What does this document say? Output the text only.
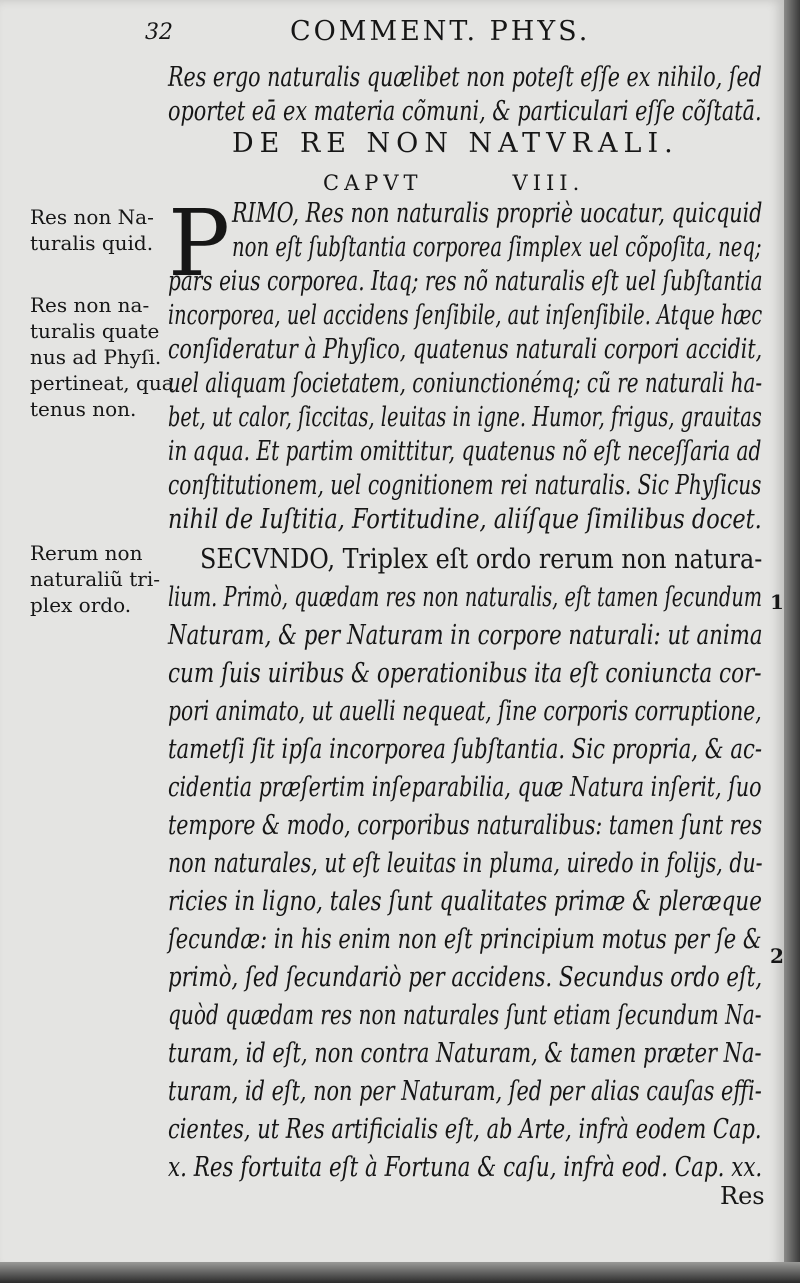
32	COMMENT. PHYS.
Res ergo naturalis quælibet non poteſt eſſe ex nihilo, ſed
oportet eā ex materia cõmuni, & particulari eſſe cõſtatā.
DE RE NON NATVRALI.
CAPVT	VIII.
P RIMO, Res non naturalis propriè uocatur, quicquid
non eſt ſubſtantia corporea ſimplex uel cõpoſita, neq;
pars eius corporea. Itaq; res nõ naturalis eſt uel ſubſtantia
incorporea, uel accidens ſenſibile, aut inſenſibile. Atque hæc
conſideratur à Phyſico, quatenus naturali corpori accidit,
uel aliquam ſocietatem, coniunctionémq; cũ re naturali ha-
bet, ut calor, ſiccitas, leuitas in igne. Humor, frigus, grauitas
in aqua. Et partim omittitur, quatenus nõ eſt neceſſaria ad
conſtitutionem, uel cognitionem rei naturalis. Sic Phyſicus
nihil de Iuſtitia, Fortitudine, aliíſque ſimilibus docet.
SECVNDO, Triplex eſt ordo rerum non natura-
lium. Primò, quædam res non naturalis, eſt tamen ſecundum
Naturam, & per Naturam in corpore naturali: ut anima
cum ſuis uiribus & operationibus ita eſt coniuncta cor-
pori animato, ut auelli nequeat, ſine corporis corruptione,
tametſi ſit ipſa incorporea ſubſtantia. Sic propria, & ac-
cidentia præſertim inſeparabilia, quæ Natura inſerit, ſuo
tempore & modo, corporibus naturalibus: tamen ſunt res
non naturales, ut eſt leuitas in pluma, uiredo in folijs, du-
ricies in ligno, tales ſunt qualitates primæ & pleræque
ſecundæ: in his enim non eſt principium motus per ſe &
primò, ſed ſecundariò per accidens. Secundus ordo eſt,
quòd quædam res non naturales ſunt etiam ſecundum Na-
turam, id eſt, non contra Naturam, & tamen præter Na-
turam, id eſt, non per Naturam, ſed per alias cauſas effi-
cientes, ut Res artificialis eſt, ab Arte, infrà eodem Cap.
x. Res fortuita eſt à Fortuna & caſu, infrà eod. Cap. xx.
Res
Res non Na-
turalis quid.
Res non na-
turalis quate
nus ad Phyſi.
pertineat, qua
tenus non.
Rerum non
naturaliũ tri-
plex ordo.	1
2
